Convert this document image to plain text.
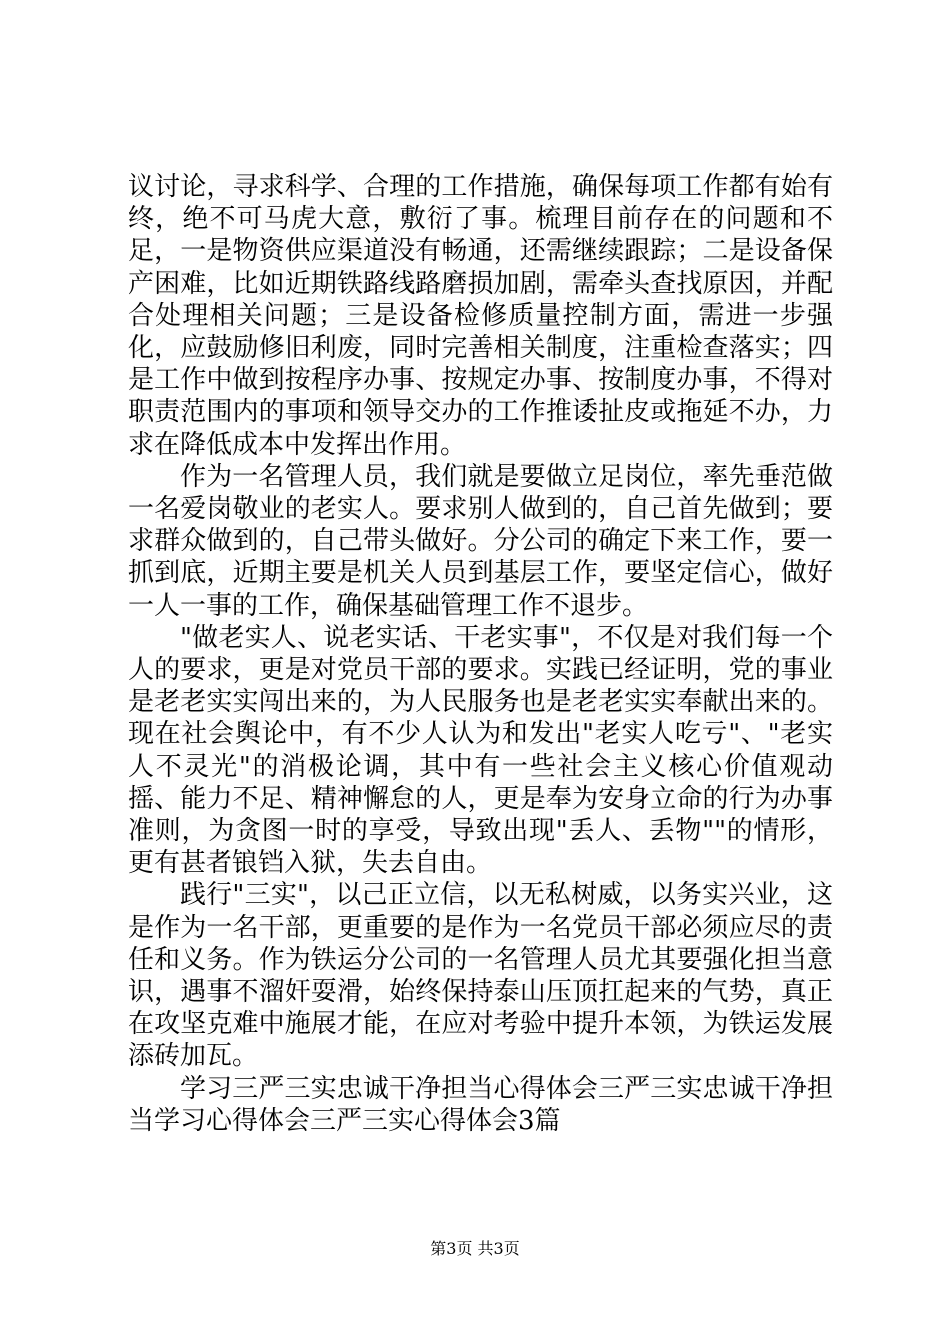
议讨论，寻求科学、合理的工作措施，确保每项工作都有始有终，绝不可马虎大意，敷衍了事。梳理目前存在的问题和不足，一是物资供应渠道没有畅通，还需继续跟踪；二是设备保产困难，比如近期铁路线路磨损加剧，需牵头查找原因，并配合处理相关问题；三是设备检修质量控制方面，需进一步强化，应鼓励修旧利废，同时完善相关制度，注重检查落实；四是工作中做到按程序办事、按规定办事、按制度办事，不得对职责范围内的事项和领导交办的工作推诿扯皮或拖延不办，力求在降低成本中发挥出作用。

作为一名管理人员，我们就是要做立足岗位，率先垂范做一名爱岗敬业的老实人。要求别人做到的，自己首先做到；要求群众做到的，自己带头做好。分公司的确定下来工作，要一抓到底，近期主要是机关人员到基层工作，要坚定信心，做好一人一事的工作，确保基础管理工作不退步。

"做老实人、说老实话、干老实事"，不仅是对我们每一个人的要求，更是对党员干部的要求。实践已经证明，党的事业是老老实实闯出来的，为人民服务也是老老实实奉献出来的。现在社会舆论中，有不少人认为和发出"老实人吃亏"、"老实人不灵光"的消极论调，其中有一些社会主义核心价值观动摇、能力不足、精神懈怠的人，更是奉为安身立命的行为办事准则，为贪图一时的享受，导致出现"丢人、丢物""的情形，更有甚者锒铛入狱，失去自由。

践行"三实"，以己正立信，以无私树威，以务实兴业，这是作为一名干部，更重要的是作为一名党员干部必须应尽的责任和义务。作为铁运分公司的一名管理人员尤其要强化担当意识，遇事不溜奸耍滑，始终保持泰山压顶扛起来的气势，真正在攻坚克难中施展才能，在应对考验中提升本领，为铁运发展添砖加瓦。

学习三严三实忠诚干净担当心得体会三严三实忠诚干净担当学习心得体会三严三实心得体会3篇

第3页 共3页
